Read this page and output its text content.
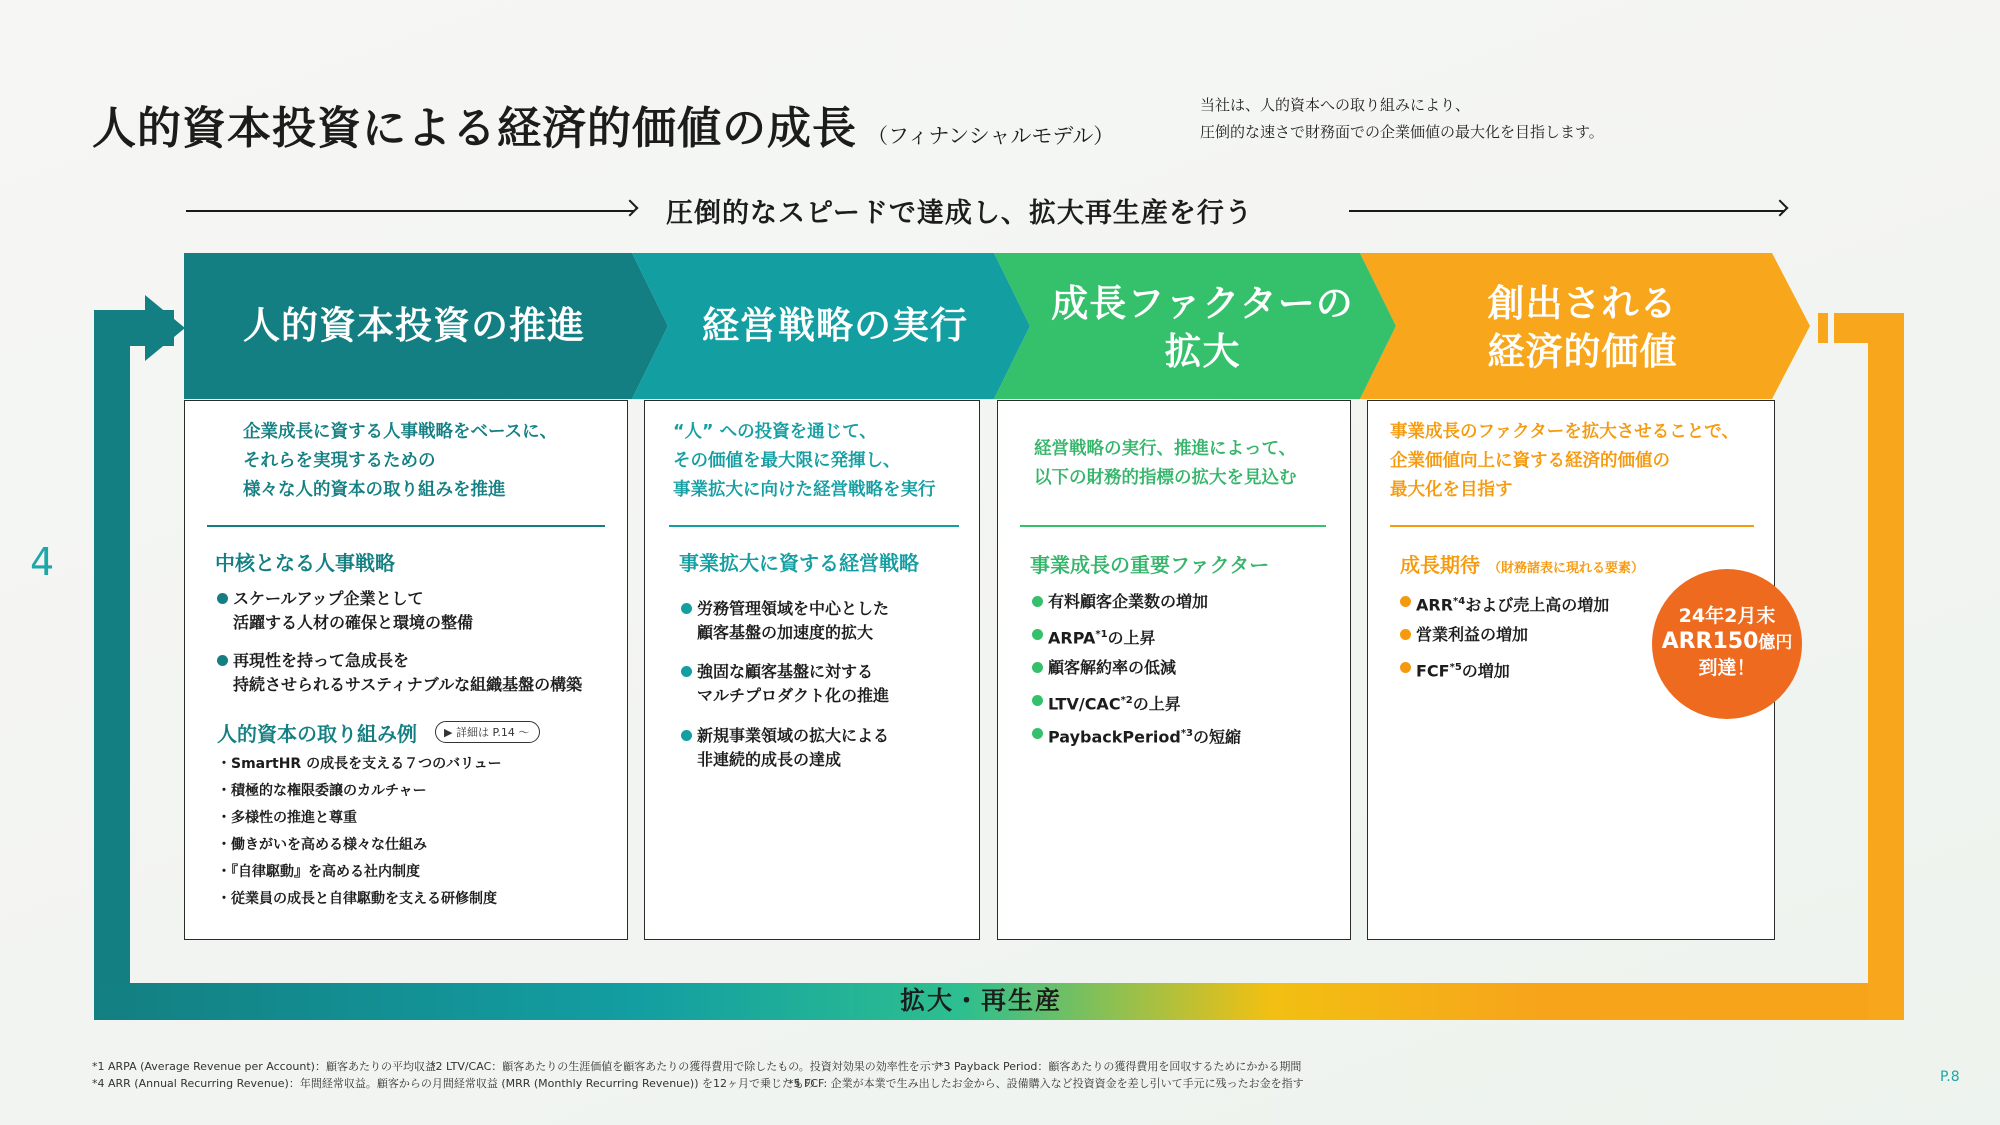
人的資本投資による経済的価値の成長 （フィナンシャルモデル）
当社は、人的資本への取り組みにより、
圧倒的な速さで財務面での企業価値の最大化を目指します。
圧倒的なスピードで達成し、拡大再生産を行う
4
拡大・再生産
人的資本投資の推進	経営戦略の実行
成長ファクターの
拡大
創出される
経済的価値
企業成長に資する人事戦略をベースに、
それらを実現するための
様々な人的資本の取り組みを推進
中核となる人事戦略
スケールアップ企業として
活躍する人材の確保と環境の整備
再現性を持って急成長を
持続させられるサスティナブルな組織基盤の構築
人的資本の取り組み例	▶ 詳細は P.14 〜
・SmartHR の成長を支える７つのバリュー
・積極的な権限委譲のカルチャー
・多様性の推進と尊重
・働きがいを高める様々な仕組み
・『自律駆動』を高める社内制度
・従業員の成長と自律駆動を支える研修制度
“人” への投資を通じて、
その価値を最大限に発揮し、
事業拡大に向けた経営戦略を実行
事業拡大に資する経営戦略
労務管理領域を中心とした
顧客基盤の加速度的拡大
強固な顧客基盤に対する
マルチプロダクト化の推進
新規事業領域の拡大による
非連続的成長の達成
経営戦略の実行、推進によって、
以下の財務的指標の拡大を見込む
事業成長の重要ファクター
有料顧客企業数の増加
ARPA$^{*1}$の上昇
顧客解約率の低減
LTV/CAC$^{*2}$の上昇
PaybackPeriod$^{*3}$の短縮
事業成長のファクターを拡大させることで、
企業価値向上に資する経済的価値の
最大化を目指す
成長期待 （財務諸表に現れる要素）
ARR$^{*4}$および売上高の増加
営業利益の増加
FCF$^{*5}$の増加
24年2月末
ARR150億円
到達！
*1 ARPA (Average Revenue per Account)：顧客あたりの平均収益
*2 LTV/CAC：顧客あたりの生涯価値を顧客あたりの獲得費用で除したもの。投資対効果の効率性を示す
*3 Payback Period：顧客あたりの獲得費用を回収するためにかかる期間
*4 ARR (Annual Recurring Revenue)：年間経常収益。顧客からの月間経常収益 (MRR (Monthly Recurring Revenue)) を12ヶ月で乗じたもの
*5 FCF: 企業が本業で生み出したお金から、設備購入など投資資金を差し引いて手元に残ったお金を指す	P.8
